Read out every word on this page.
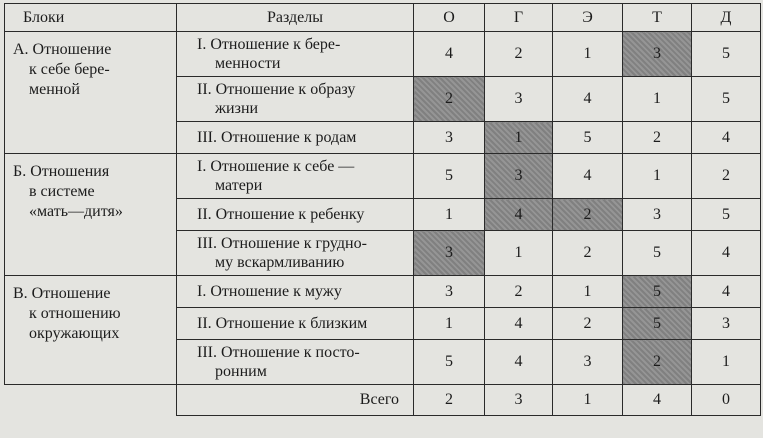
Блоки	Разделы	О	Г	Э	Т	Д

А. Отношение
к себе бере-
менной	I. Отношение к бере-
менности	4	2	1	3	5

	II. Отношение к образу
жизни	2	3	4	1	5

	III. Отношение к родам	3	1	5	2	4

Б. Отношения
в системе
«мать—дитя»	I. Отношение к себе —
матери	5	3	4	1	2

	II. Отношение к ребенку	1	4	2	3	5

	III. Отношение к грудно-
му вскармливанию	3	1	2	5	4

В. Отношение
к отношению
окружающих	I. Отношение к мужу	3	2	1	5	4

	II. Отношение к близким	1	4	2	5	3

	III. Отношение к посто-
ронним	5	4	3	2	1
	Всего	2	3	1	4	0
